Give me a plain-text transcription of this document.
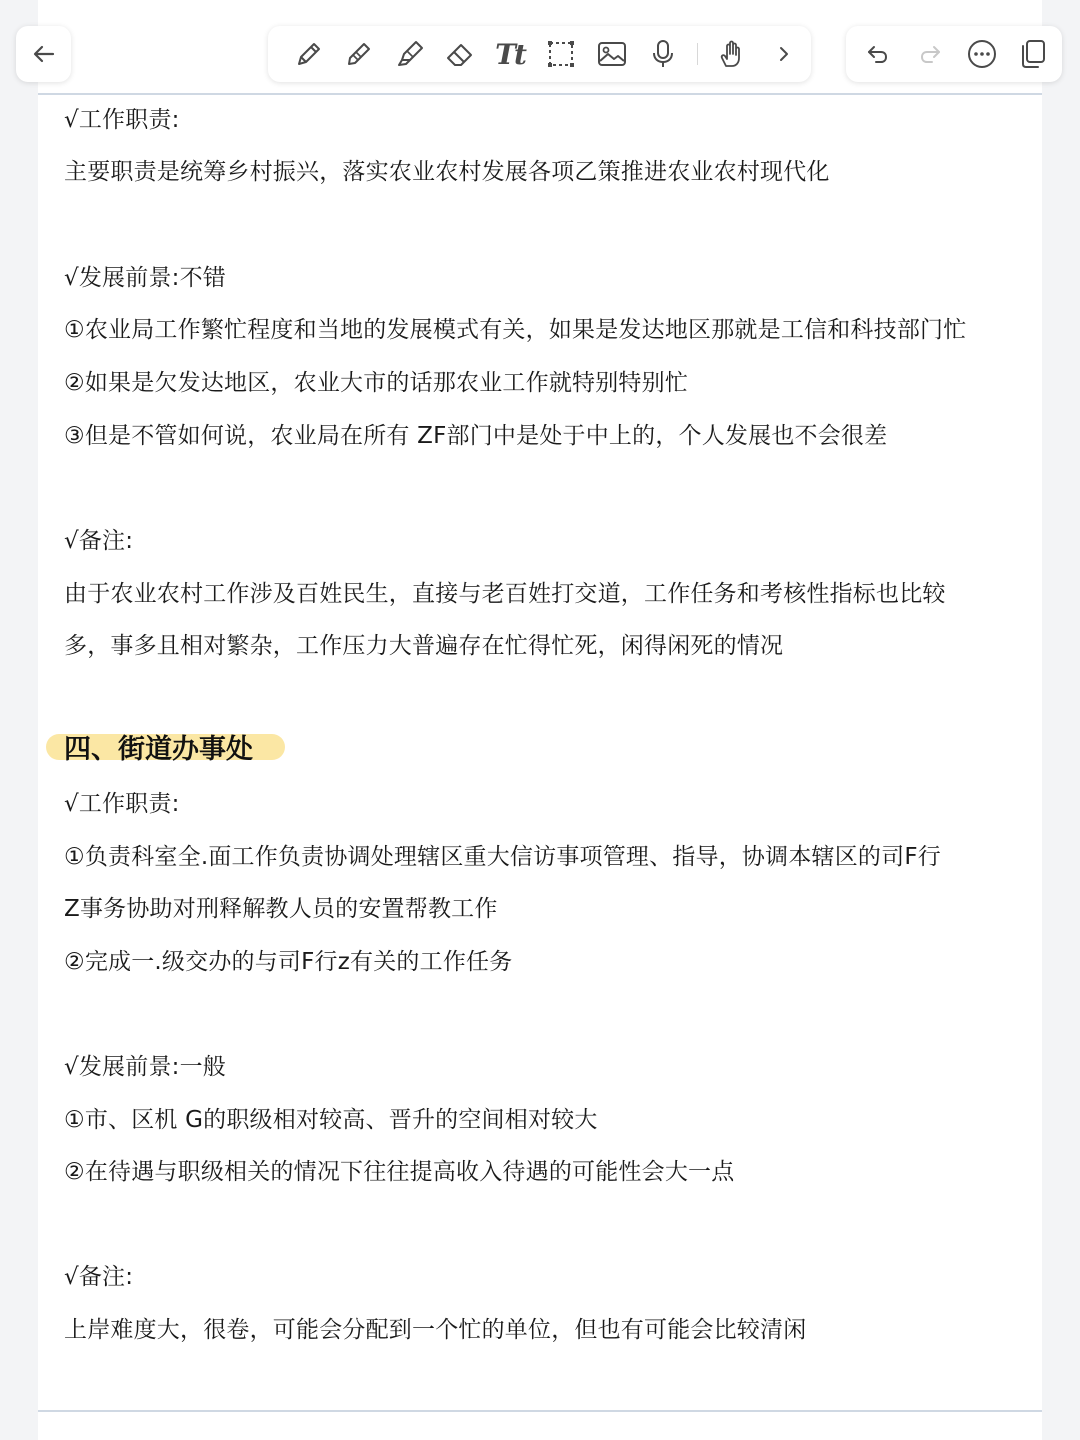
Tt
√工作职责:
主要职责是统筹乡村振兴，落实农业农村发展各项乙策推进农业农村现代化
√发展前景:不错
①农业局工作繁忙程度和当地的发展模式有关，如果是发达地区那就是工信和科技部门忙
②如果是欠发达地区，农业大市的话那农业工作就特别特别忙
③但是不管如何说，农业局在所有 ZF部门中是处于中上的，个人发展也不会很差
√备注:
由于农业农村工作涉及百姓民生，直接与老百姓打交道，工作任务和考核性指标也比较
多，事多且相对繁杂，工作压力大普遍存在忙得忙死，闲得闲死的情况
四、街道办事处
√工作职责:
①负责科室全.面工作负责协调处理辖区重大信访事项管理、指导，协调本辖区的司F行
Z事务协助对刑释解教人员的安置帮教工作
②完成一.级交办的与司F行z有关的工作任务
√发展前景:一般
①市、区机 G的职级相对较高、晋升的空间相对较大
②在待遇与职级相关的情况下往往提高收入待遇的可能性会大一点
√备注:
上岸难度大，很卷，可能会分配到一个忙的单位，但也有可能会比较清闲
